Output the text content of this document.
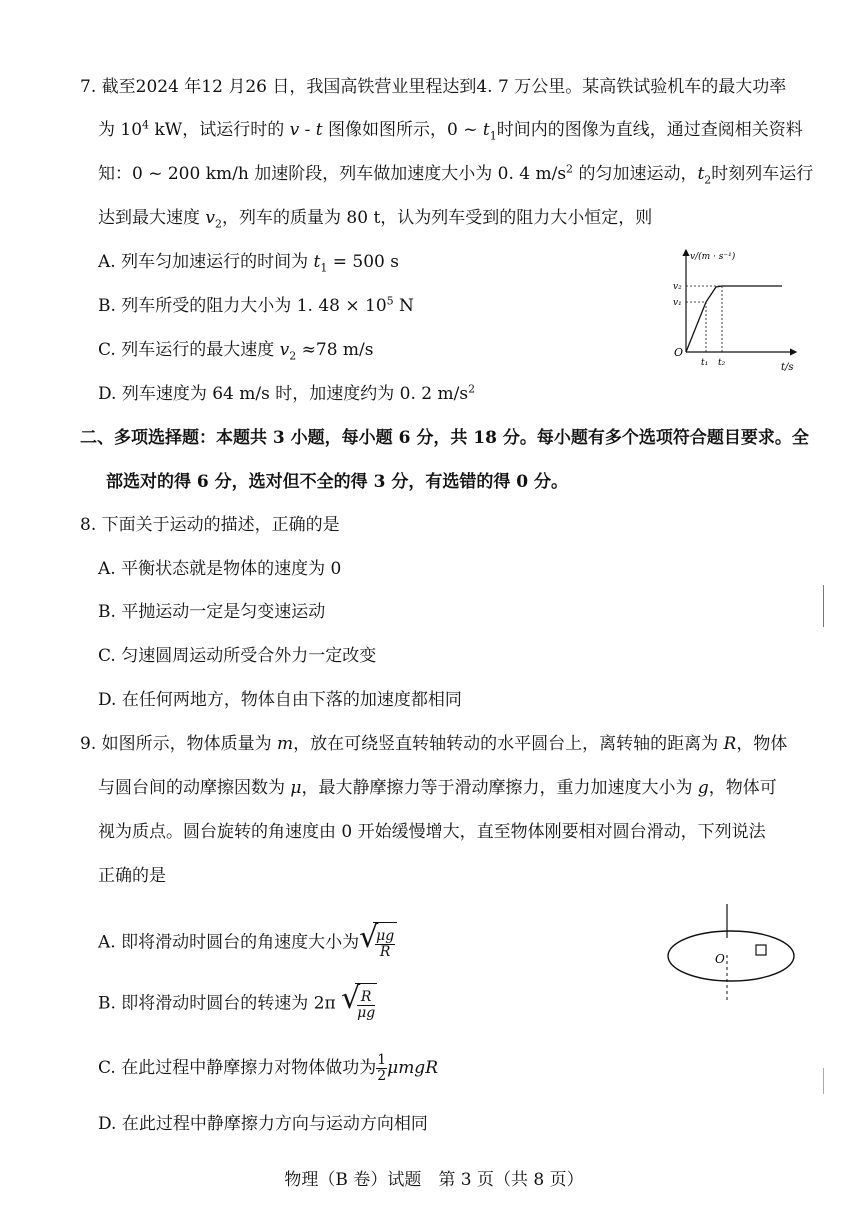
7. 截至2024 年12 月26 日，我国高铁营业里程达到4. 7 万公里。某高铁试验机车的最大功率
为 $10^4$ kW，试运行时的 v - t 图像如图所示，0 ~ $t_1$时间内的图像为直线，通过查阅相关资料
知：0 ~ 200 km/h 加速阶段，列车做加速度大小为 0. 4 $m/s^2$ 的匀加速运动，$t_2$时刻列车运行
达到最大速度 $v_2$，列车的质量为 80 t，认为列车受到的阻力大小恒定，则
A. 列车匀加速运行的时间为 $t_1 = 500$ s
B. 列车所受的阻力大小为 1. $48 \times 10^5$ N
C. 列车运行的最大速度 $v_2 \approx 78$ m/s
D. 列车速度为 64 m/s 时，加速度约为 0. 2 $m/s^2$
v/(m · s⁻¹)
t/s
O
v₂
v₁
t₁ t₂
二、多项选择题：本题共 3 小题，每小题 6 分，共 18 分。每小题有多个选项符合题目要求。全
部选对的得 6 分，选对但不全的得 3 分，有选错的得 0 分。
8. 下面关于运动的描述，正确的是
A. 平衡状态就是物体的速度为 0
B. 平抛运动一定是匀变速运动
C. 匀速圆周运动所受合外力一定改变
D. 在任何两地方，物体自由下落的加速度都相同
9. 如图所示，物体质量为 m，放在可绕竖直转轴转动的水平圆台上，离转轴的距离为 R，物体
与圆台间的动摩擦因数为 μ，最大静摩擦力等于滑动摩擦力，重力加速度大小为 g，物体可
视为质点。圆台旋转的角速度由 0 开始缓慢增大，直至物体刚要相对圆台滑动，下列说法
正确的是
A. 即将滑动时圆台的角速度大小为 √
$\frac{\mu g}{R}$
B. 即将滑动时圆台的转速为 2π √
$\frac{R}{\mu g}$
C. 在此过程中静摩擦力对物体做功为 $\frac{1}{2}$ μmgR
D. 在此过程中静摩擦力方向与运动方向相同
O
物理（B 卷）试题　第 3 页（共 8 页）
